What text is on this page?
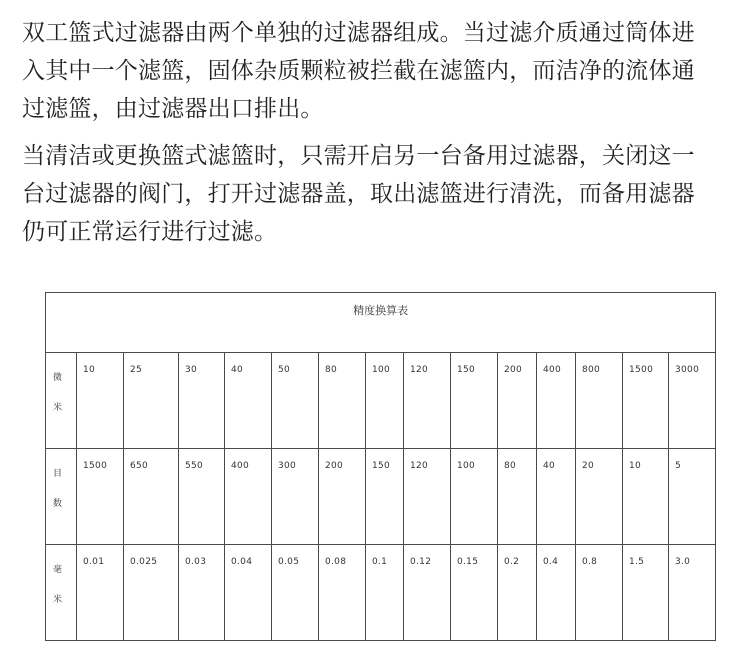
双工篮式过滤器由两个单独的过滤器组成。当过滤介质通过筒体进
入其中一个滤篮，固体杂质颗粒被拦截在滤篮内，而洁净的流体通
过滤篮，由过滤器出口排出。
当清洁或更换篮式滤篮时，只需开启另一台备用过滤器，关闭这一
台过滤器的阀门，打开过滤器盖，取出滤篮进行清洗，而备用滤器
仍可正常运行进行过滤。
精度换算表														

微
米	10	25	30	40	50	80	100	120	150	200	400	800	1500	3000

目
数	1500	650	550	400	300	200	150	120	100	80	40	20	10	5

毫
米	0.01	0.025	0.03	0.04	0.05	0.08	0.1	0.12	0.15	0.2	0.4	0.8	1.5	3.0
